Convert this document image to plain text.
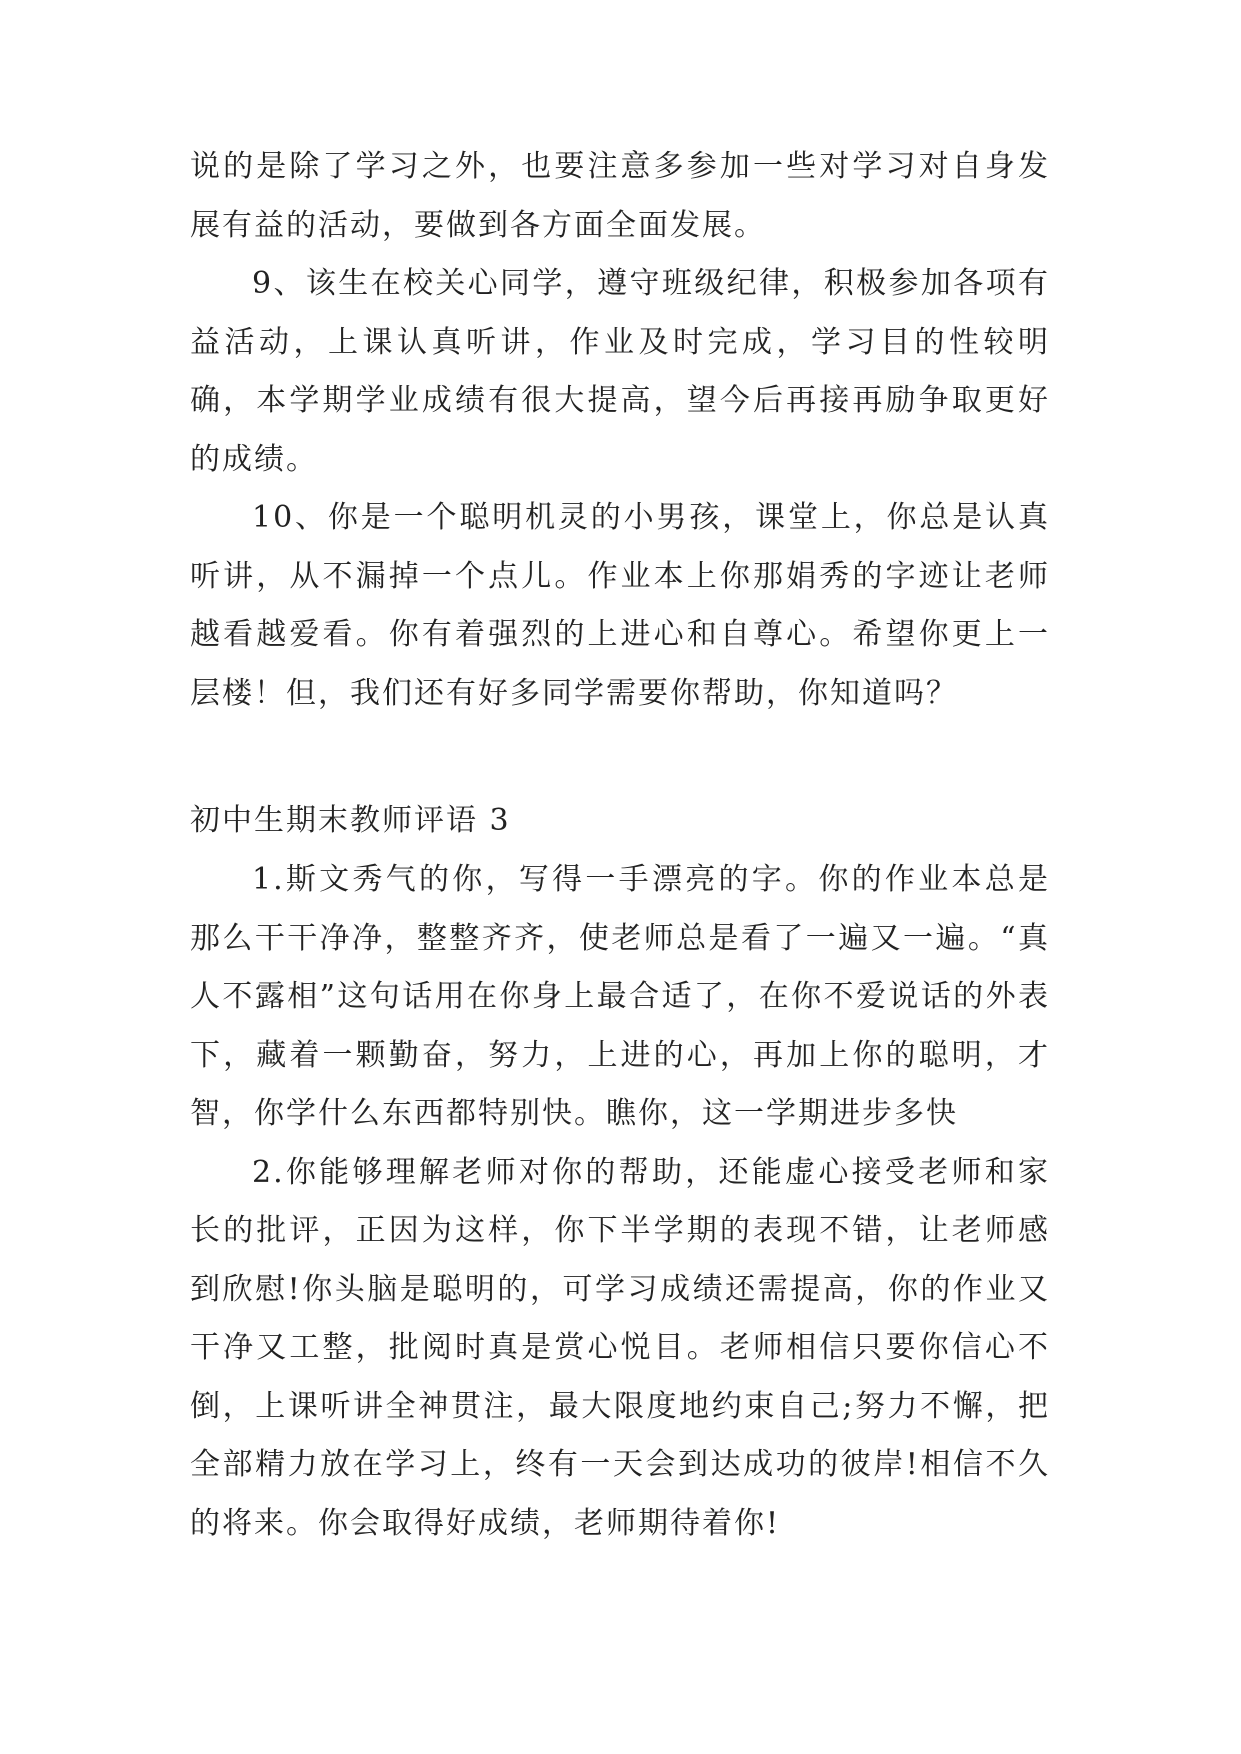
说的是除了学习之外，也要注意多参加一些对学习对自身发展有益的活动，要做到各方面全面发展。

9、该生在校关心同学，遵守班级纪律，积极参加各项有益活动，上课认真听讲，作业及时完成，学习目的性较明确，本学期学业成绩有很大提高，望今后再接再励争取更好的成绩。

10、你是一个聪明机灵的小男孩，课堂上，你总是认真听讲，从不漏掉一个点儿。作业本上你那娟秀的字迹让老师越看越爱看。你有着强烈的上进心和自尊心。希望你更上一层楼！但，我们还有好多同学需要你帮助，你知道吗？

初中生期末教师评语 3

1.斯文秀气的你，写得一手漂亮的字。你的作业本总是那么干干净净，整整齐齐，使老师总是看了一遍又一遍。“真人不露相”这句话用在你身上最合适了，在你不爱说话的外表下，藏着一颗勤奋，努力，上进的心，再加上你的聪明，才智，你学什么东西都特别快。瞧你，这一学期进步多快

2.你能够理解老师对你的帮助，还能虚心接受老师和家长的批评，正因为这样，你下半学期的表现不错，让老师感到欣慰!你头脑是聪明的，可学习成绩还需提高，你的作业又干净又工整，批阅时真是赏心悦目。老师相信只要你信心不倒，上课听讲全神贯注，最大限度地约束自己;努力不懈，把全部精力放在学习上，终有一天会到达成功的彼岸!相信不久的将来。你会取得好成绩，老师期待着你!
